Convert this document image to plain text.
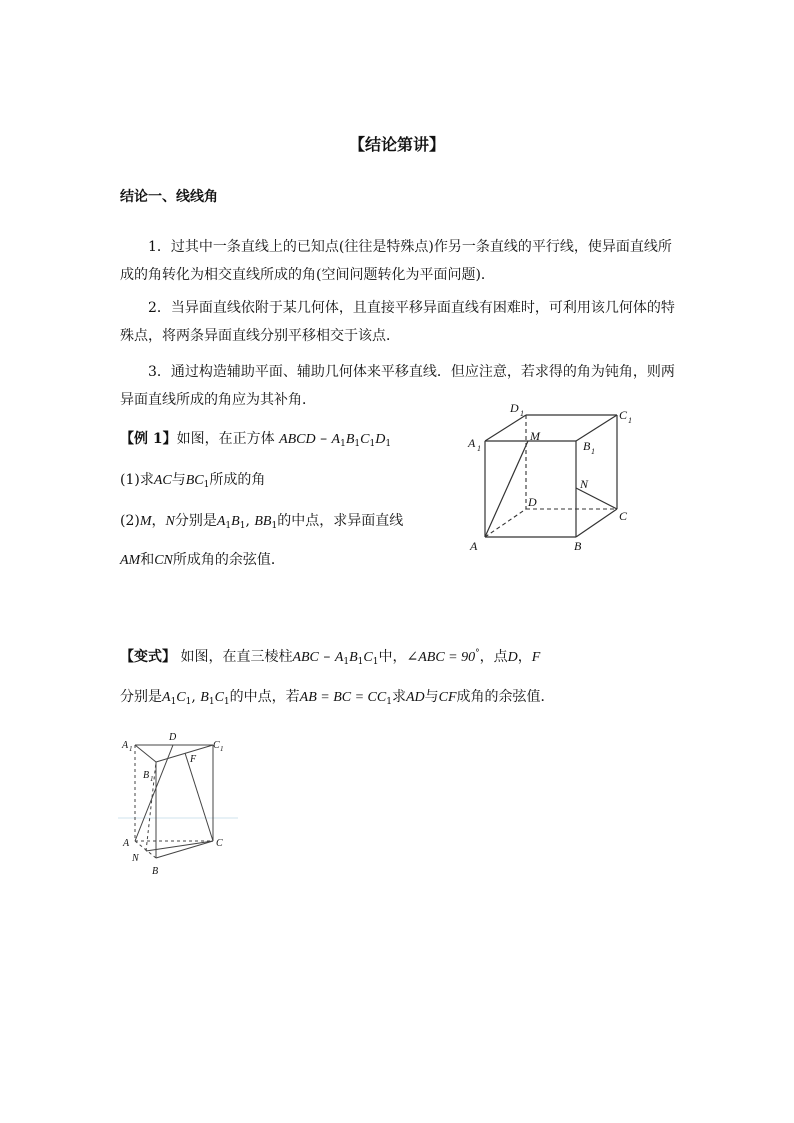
【结论第讲】
结论一、线线角
1．过其中一条直线上的已知点(往往是特殊点)作另一条直线的平行线，使异面直线所成的角转化为相交直线所成的角(空间问题转化为平面问题)．
2．当异面直线依附于某几何体，且直接平移异面直线有困难时，可利用该几何体的特殊点，将两条异面直线分别平移相交于该点．
3．通过构造辅助平面、辅助几何体来平移直线．但应注意，若求得的角为钝角，则两异面直线所成的角应为其补角．
【例 1】如图，在正方体 ABCD – $A_1B_1C_1D_1$
(1)求AC与$BC_1$所成的角
(2)M，N分别是$A_1B_1$, $BB_1$的中点，求异面直线
AM和CN所成角的余弦值．
D 1	C 1
A 1
M
B 1
N
D
C
A	B
【变式】 如图，在直三棱柱ABC – $A_1B_1C_1$中，∠ABC = 90°，点D，F
分别是$A_1C_1$, $B_1C_1$的中点，若AB = BC = $CC_1$求AD与CF成角的余弦值．
A 1
D
C 1
B 1
F
A	C
N
B
